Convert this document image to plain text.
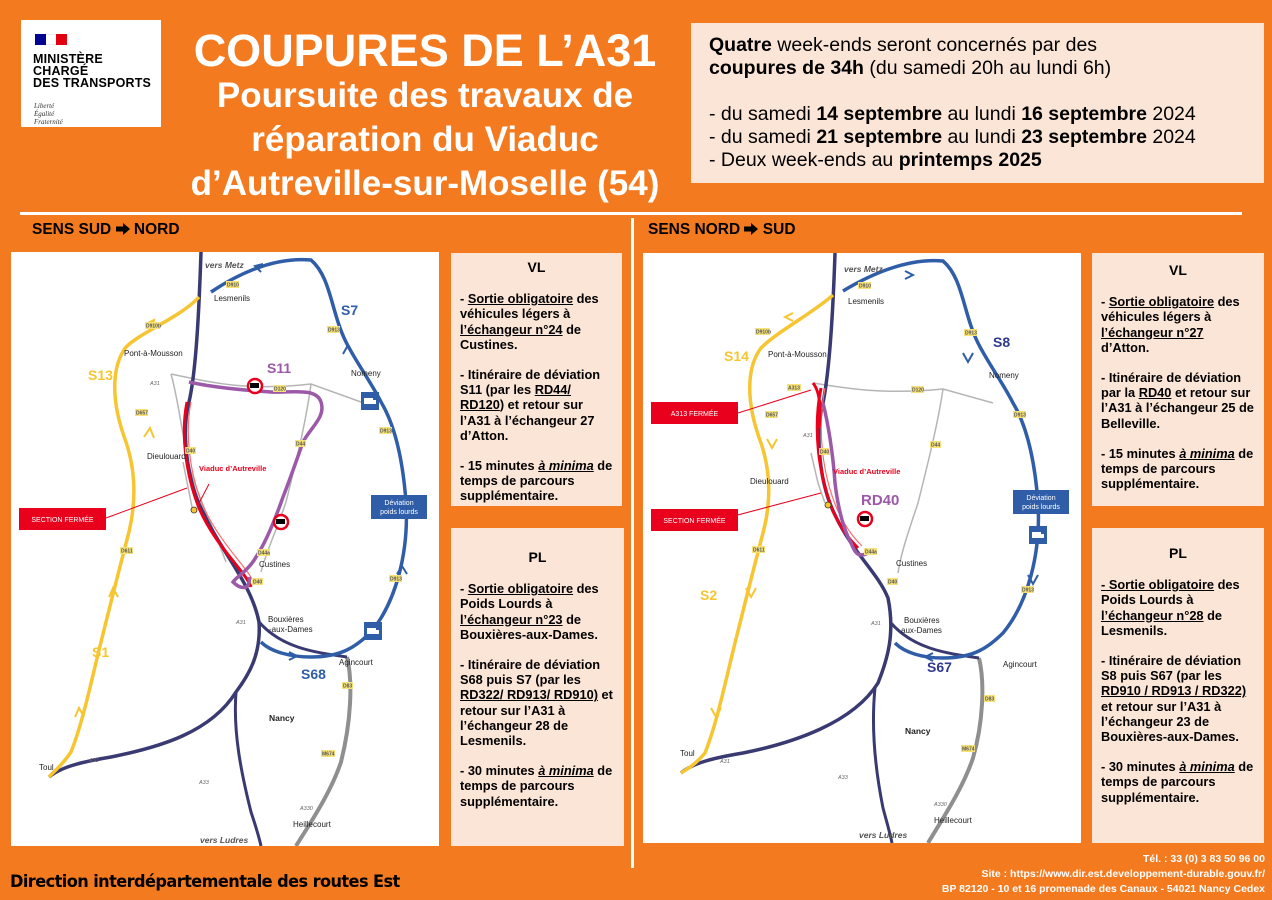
MINISTÈRE
CHARGÉ
DES TRANSPORTS
Liberté
Égalité
Fraternité
COUPURES DE L’A31
Poursuite des travaux de
réparation du Viaduc
d’Autreville-sur-Moselle (54)

Quatre week-ends seront concernés par des

coupures de 34h (du samedi 20h au lundi 6h)

- du samedi 14 septembre au lundi 16 septembre 2024

- du samedi 21 septembre au lundi 23 septembre 2024

- Deux week-ends au printemps 2025

SENS SUD NORD	SENS NORD SUD
D910
D910b
D913
D913
D913
D120
D44
D657
D40
D44a
D40
D611
D83
M674
A31
A31
A31
A33
A330
vers Metz
Lesmenils
Pont-à-Mousson
Nomeny
Dieulouard
Viaduc d’Autreville
Custines
Bouxières
-aux-Dames
Agincourt
Nancy
Toul
Heillecourt
vers Ludres
S7
S11
S13
S1
S68
SECTION FERMÉE
Déviation
poids lourds
VL
- Sortie obligatoire des véhicules légers à l’échangeur n°24 de Custines.
- Itinéraire de déviation S11 (par les RD44/ RD120) et retour sur l’A31 à l’échangeur 27 d’Atton.
- 15 minutes à minima de temps de parcours supplémentaire.
PL
- Sortie obligatoire des Poids Lourds à l’échangeur n°23 de Bouxières-aux-Dames.
- Itinéraire de déviation S68 puis S7 (par les RD322/ RD913/ RD910) et retour sur l’A31 à l’échangeur 28 de Lesmenils.
- 30 minutes à minima de temps de parcours supplémentaire.
D910
D910b	D913
D913
D913
D120
D44
D657
D40
D44a
D40
D611
D83
M674
A313
A31
A31
A31
A33
A330
vers Metz
Lesmenils
Pont-à-Mousson
Nomeny
Dieulouard
Viaduc d’Autreville
Custines
Bouxières
aux-Dames
Agincourt
Nancy
Toul
Heillecourt
vers Ludres
S8
S14
S2
S67
RD40
A313 FERMÉE
SECTION FERMÉE
Déviation
poids lourds
VL
- Sortie obligatoire des véhicules légers à l’échangeur n°27 d’Atton.
- Itinéraire de déviation par la RD40 et retour sur l’A31 à l’échangeur 25 de Belleville.
- 15 minutes à minima de temps de parcours supplémentaire.
PL
- Sortie obligatoire des Poids Lourds à l’échangeur n°28 de Lesmenils.
- Itinéraire de déviation S8 puis S67 (par les RD910 / RD913 / RD322) et retour sur l’A31 à l’échangeur 23 de Bouxières-aux-Dames.
- 30 minutes à minima de temps de parcours supplémentaire.
Direction interdépartementale des routes Est
Tél. : 33 (0) 3 83 50 96 00
Site : https://www.dir.est.developpement-durable.gouv.fr/
BP 82120 - 10 et 16 promenade des Canaux - 54021 Nancy Cedex
